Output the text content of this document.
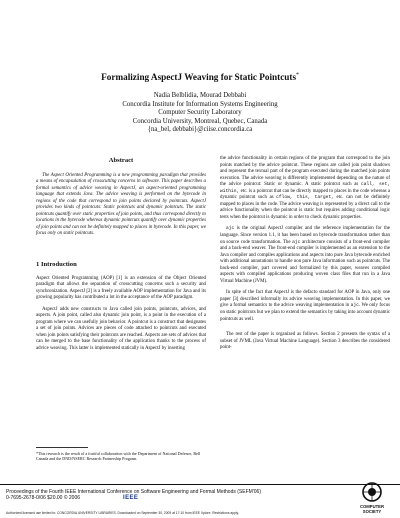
Formalizing AspectJ Weaving for Static Pointcuts*
Nadia Belblidia, Mourad Debbabi
Concordia Institute for Information Systems Engineering
Computer Security Laboratory
Concordia University, Montreal, Quebec, Canada
{na_bel, debbabi}@ciise.concordia.ca
Abstract

The Aspect Oriented Programming is a new programming paradigm that provides a means of encapsulation of crosscutting concerns in software. This paper describes a formal semantics of advice weaving in AspectJ, an aspect-oriented programming language that extends Java. The advice weaving is performed on the bytecode in regions of the code that correspond to join points declared by pointcuts. AspectJ provides two kinds of pointcuts: Static pointcuts and dynamic pointcuts. The static pointcuts quantify over static properties of join points, and thus correspond directly to locations in the bytecode whereas dynamic pointcuts quantify over dynamic properties of join points and can not be definitely mapped to places in bytecode. In this paper, we focus only on static pointcuts.

1 Introduction

Aspect Oriented Programming (AOP) [1] is an extension of the Object Oriented paradigm that allows the separation of crosscutting concerns such a security and synchronization. AspectJ [2] is a freely available AOP implementation for Java and its growing popularity has contributed a lot in the acceptance of the AOP paradigm.

AspectJ adds new constructs to Java called join points, pointcuts, advices, and aspects. A join point, called also dynamic join point, is a point in the execution of a program where we can usefully join behavior. A pointcut is a construct that designates a set of join points. Advices are pieces of code attached to pointcuts and executed when join points satisfying their pointcuts are reached. Aspects are sets of advices that can be merged to the base functionality of the application thanks to the process of advice weaving. This latter is implemented statically in AspectJ by inserting

*This research is the result of a fruitful collaboration with the Department of National Defence, Bell Canada and the DND/NSERC Research Partnership Program.

the advice functionality in certain regions of the program that correspond to the join points matched by the advice pointcut. These regions are called join point shadows and represent the textual part of the program executed during the matched join points execution. The advice weaving is differently implemented depending on the nature of the advice pointcut: Static or dynamic. A static pointcut such as call, set, within, etc. is a pointcut that can be directly mapped to places in the code whereas a dynamic pointcut such as cflow, this, target, etc. can not be definitely mapped to places in the code. The advice weaving is represented by a direct call to the advice functionality when the pointcut is static but requires adding conditional logic tests when the pointcut is dynamic in order to check dynamic properties.

ajc is the original AspectJ compiler and the reference implementation for the language. Since version 1.1, it has been based on bytecode transformation rather than on source code transformation. The ajc architecture consists of a front-end compiler and a back-end weaver. The front-end compiler is implemented as an extension to the Java compiler and compiles applications and aspects into pure Java bytecode enriched with additional annotations to handle non pure Java information such as pointcuts. The back-end compiler, part covered and formalized by this paper, weaves compiled aspects with compiled applications producing woven class files that run in a Java Virtual Machine (JVM).

In spite of the fact that AspectJ is the defacto standard for AOP in Java, only one paper [3] described informally its advice weaving implementation. In this paper, we give a formal semantics to the advice weaving implementation in ajc. We only focus on static pointcuts but we plan to extend the semantics by taking into account dynamic pointcuts as well.

The rest of the paper is organized as follows. Section 2 presents the syntax of a subset of JVML (Java Virtual Machine Language). Section 3 describes the considered point-

Proceedings of the Fourth IEEE International Conference on Software Engineering and Formal Methods (SEFM'06)
0-7695-2678-0/06 $20.00 © 2006	IEEE
Authorized licensed use limited to: CONCORDIA UNIVERSITY LIBRARIES. Downloaded on September 30, 2009 at 17:10 from IEEE Xplore. Restrictions apply.
COMPUTER
SOCIETY
